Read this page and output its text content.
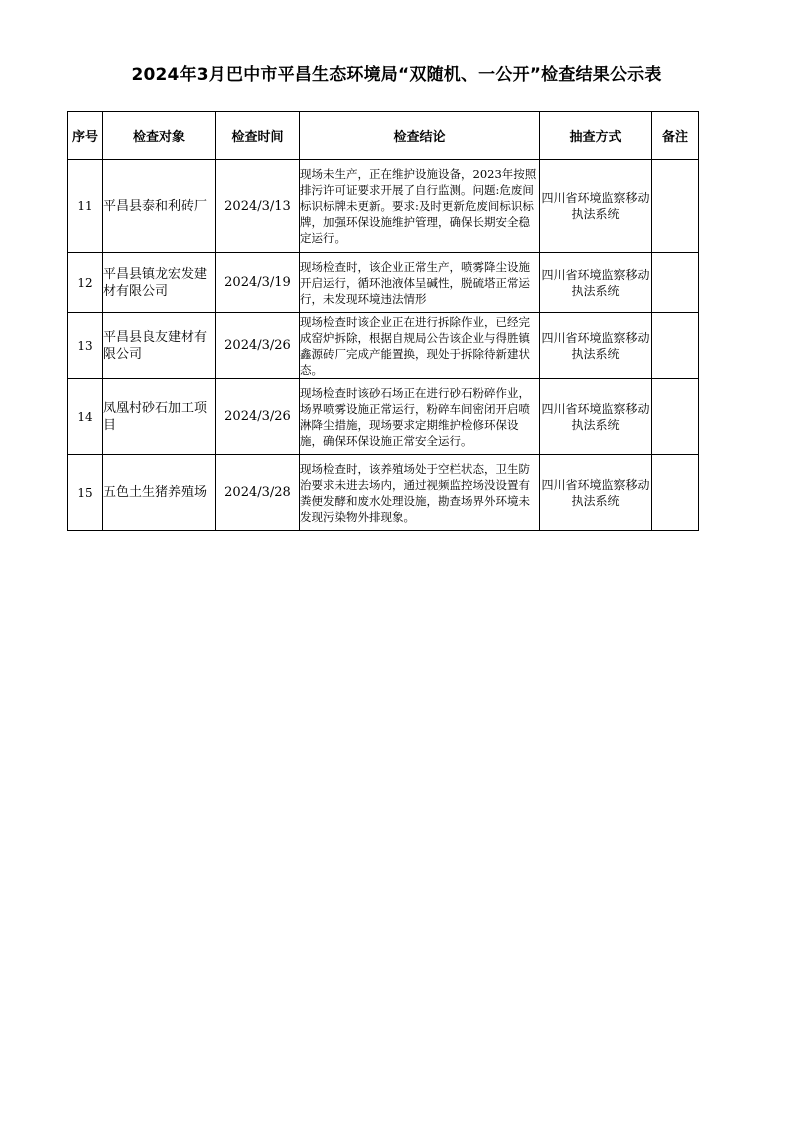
2024年3月巴中市平昌生态环境局“双随机、一公开”检查结果公示表
序号	检查对象	检查时间	检查结论	抽查方式	备注
11	平昌县泰和利砖厂	2024/3/13	现场未生产，正在维护设施设备，2023年按照排污许可证要求开展了自行监测。问题:危废间标识标牌未更新。要求:及时更新危废间标识标牌，加强环保设施维护管理，确保长期安全稳定运行。	四川省环境监察移动执法系统	
12	平昌县镇龙宏发建材有限公司	2024/3/19	现场检查时，该企业正常生产，喷雾降尘设施开启运行，循环池液体呈碱性，脱硫塔正常运行，未发现环境违法情形	四川省环境监察移动执法系统	
13	平昌县良友建材有限公司	2024/3/26	现场检查时该企业正在进行拆除作业，已经完成窑炉拆除，根据自规局公告该企业与得胜镇鑫源砖厂完成产能置换，现处于拆除待新建状态。	四川省环境监察移动执法系统	
14	凤凰村砂石加工项目	2024/3/26	现场检查时该砂石场正在进行砂石粉碎作业，场界喷雾设施正常运行，粉碎车间密闭开启喷淋降尘措施，现场要求定期维护检修环保设施，确保环保设施正常安全运行。	四川省环境监察移动执法系统	
15	五色土生猪养殖场	2024/3/28	现场检查时，该养殖场处于空栏状态，卫生防治要求未进去场内，通过视频监控场没设置有粪便发酵和废水处理设施，勘查场界外环境未发现污染物外排现象。	四川省环境监察移动执法系统	
